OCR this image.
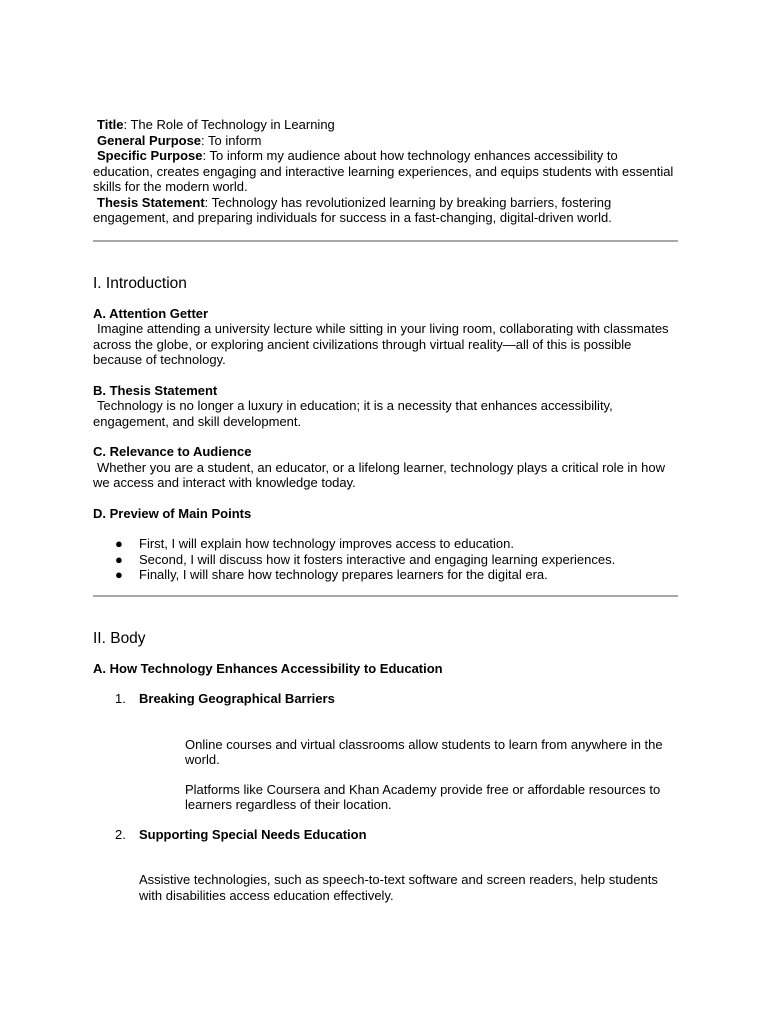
Title: The Role of Technology in Learning

General Purpose: To inform

Specific Purpose: To inform my audience about how technology enhances accessibility to education, creates engaging and interactive learning experiences, and equips students with essential skills for the modern world.

Thesis Statement: Technology has revolutionized learning by breaking barriers, fostering engagement, and preparing individuals for success in a fast-changing, digital-driven world.

I. Introduction
A. Attention Getter

Imagine attending a university lecture while sitting in your living room, collaborating with classmates across the globe, or exploring ancient civilizations through virtual reality—all of this is possible because of technology.

B. Thesis Statement

Technology is no longer a luxury in education; it is a necessity that enhances accessibility, engagement, and skill development.

C. Relevance to Audience

Whether you are a student, an educator, or a lifelong learner, technology plays a critical role in how we access and interact with knowledge today.

D. Preview of Main Points
● First, I will explain how technology improves access to education.
● Second, I will discuss how it fosters interactive and engaging learning experiences.
● Finally, I will share how technology prepares learners for the digital era.
II. Body
A. How Technology Enhances Accessibility to Education
1. Breaking Geographical Barriers

Online courses and virtual classrooms allow students to learn from anywhere in the world.

Platforms like Coursera and Khan Academy provide free or affordable resources to learners regardless of their location.

2. Supporting Special Needs Education

Assistive technologies, such as speech-to-text software and screen readers, help students with disabilities access education effectively.
